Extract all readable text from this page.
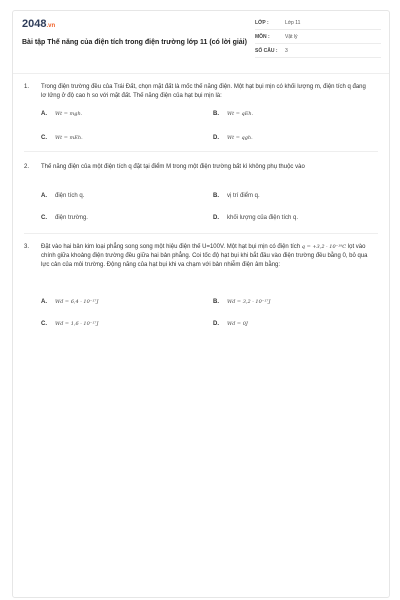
2048.vn
Bài tập Thế năng của điện tích trong điện trường lớp 11 (có lời giải)
LỚP :	Lớp 11
MÔN :	Vật lý
SỐ CÂU :	3
1.	Trong điện trường đều của Trái Đất, chọn mặt đất là mốc thế năng điện. Một hạt bụi mịn có khối lượng m, điện tích q đang lơ lửng ở độ cao h so với mặt đất. Thế năng điện của hạt bụi mịn là:
A.	Wt = mgh.	B.	Wt = qEh.
C.	Wt = mEh.	D.	Wt = qgh.
2.	Thế năng điện của một điện tích q đặt tại điểm M trong một điện trường bất kì không phụ thuộc vào
A.	điện tích q.	B.	vị trí điểm q.
C.	điện trường.	D.	khối lượng của điện tích q.
3.	Đặt vào hai bản kim loại phẳng song song một hiệu điện thế U=100V. Một hạt bụi mịn có điện tích q = +3,2 · 10⁻¹⁹C lọt vào chính giữa khoảng điện trường đều giữa hai bản phẳng. Coi tốc độ hạt bụi khi bắt đầu vào điện trường đều bằng 0, bỏ qua lực cản của môi trường. Động năng của hạt bụi khi va chạm với bản nhiễm điện âm bằng:
A.	Wđ = 6,4 · 10⁻¹⁷J	B.	Wđ = 3,2 · 10⁻¹⁷J
C.	Wđ = 1,6 · 10⁻¹⁷J	D.	Wđ = 0J
